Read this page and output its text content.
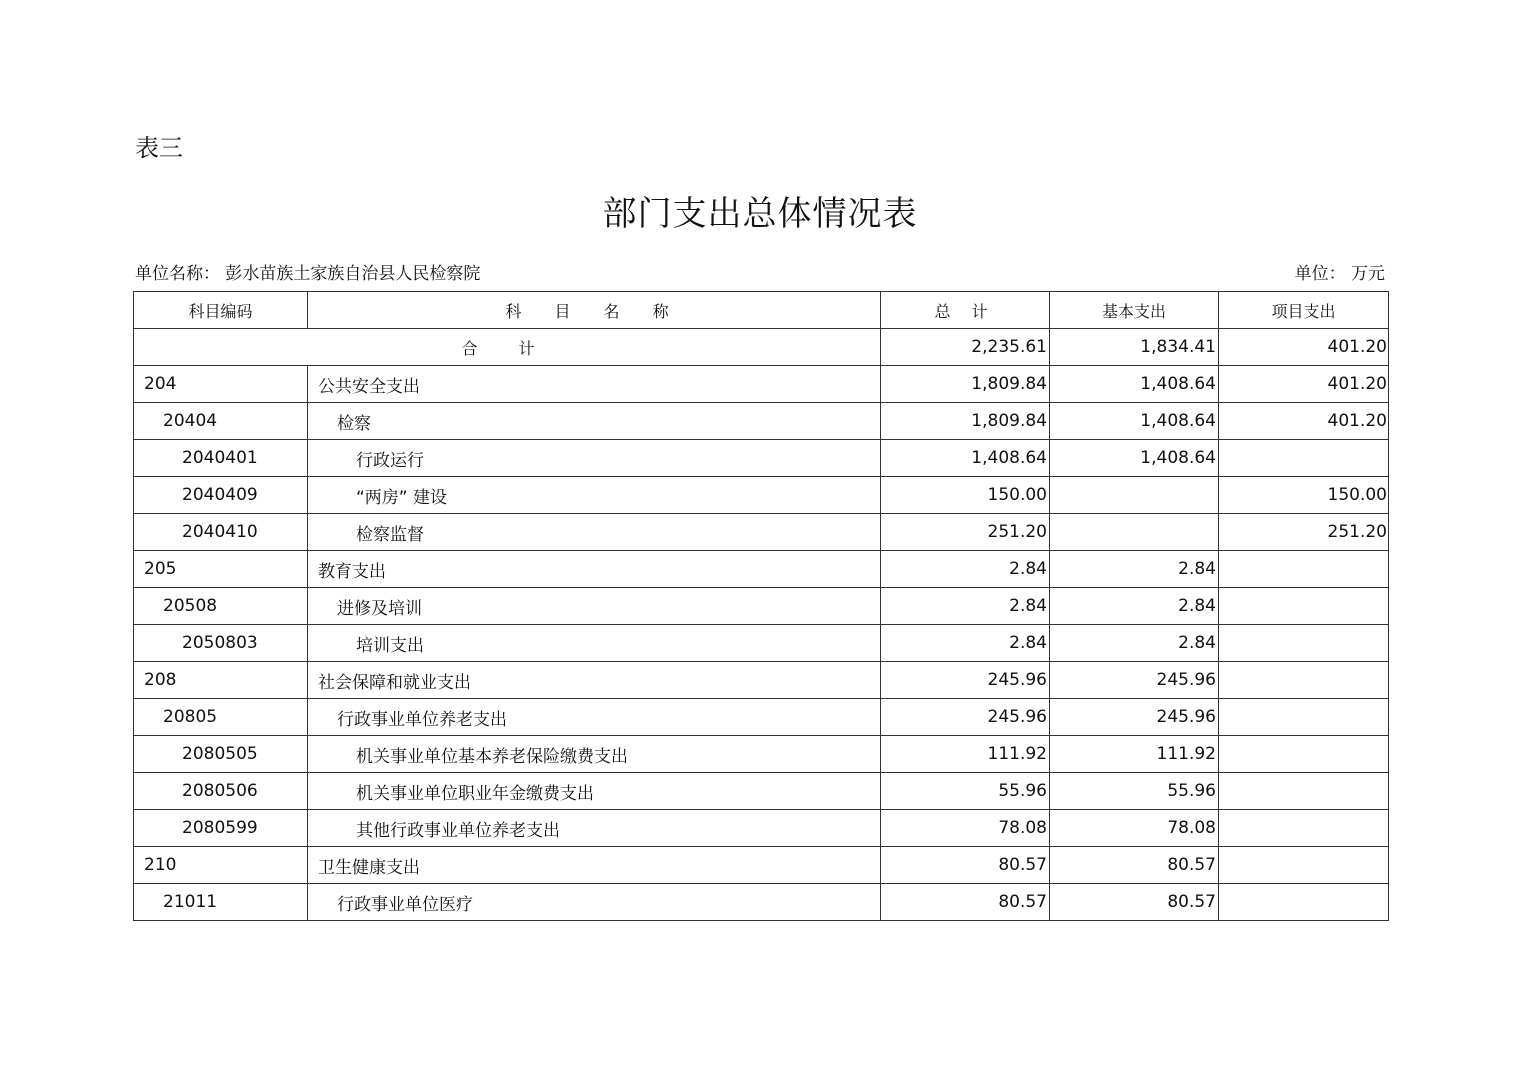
表三
部门支出总体情况表
单位名称： 彭水苗族土家族自治县人民检察院	单位： 万元
科目编码	科 目 名 称	总 计	基本支出	项目支出
合 计		2,235.61	1,834.41	401.20
204	公共安全支出	1,809.84	1,408.64	401.20
20404	检察	1,809.84	1,408.64	401.20
2040401	行政运行	1,408.64	1,408.64	
2040409	“两房” 建设	150.00		150.00
2040410	检察监督	251.20		251.20
205	教育支出	2.84	2.84	
20508	进修及培训	2.84	2.84	
2050803	培训支出	2.84	2.84	
208	社会保障和就业支出	245.96	245.96	
20805	行政事业单位养老支出	245.96	245.96	
2080505	机关事业单位基本养老保险缴费支出	111.92	111.92	
2080506	机关事业单位职业年金缴费支出	55.96	55.96	
2080599	其他行政事业单位养老支出	78.08	78.08	
210	卫生健康支出	80.57	80.57	
21011	行政事业单位医疗	80.57	80.57	
